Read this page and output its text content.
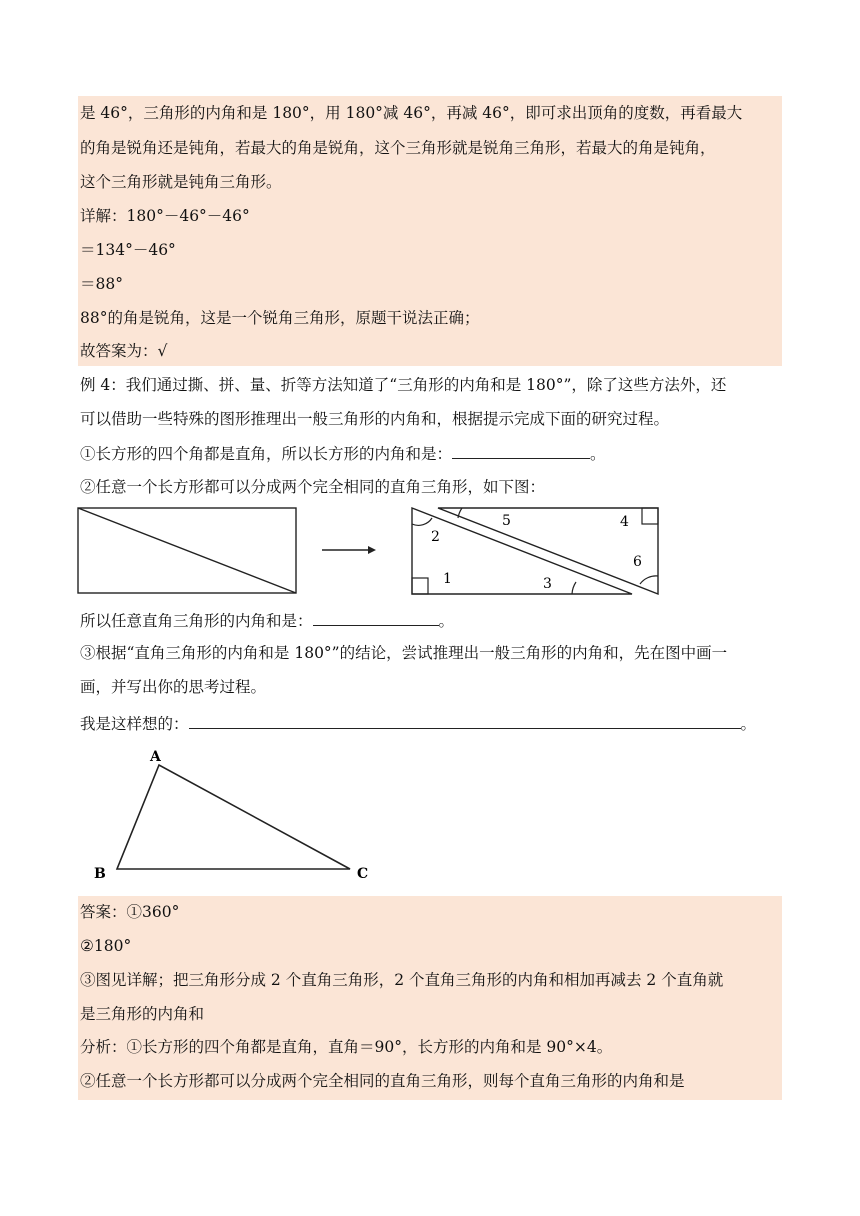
是 46°，三角形的内角和是 180°，用 180°减 46°，再减 46°，即可求出顶角的度数，再看最大
的角是锐角还是钝角，若最大的角是锐角，这个三角形就是锐角三角形，若最大的角是钝角，
这个三角形就是钝角三角形。
详解：180°－46°－46°
＝134°－46°
＝88°
88°的角是锐角，这是一个锐角三角形，原题干说法正确；
故答案为：√
例 4：我们通过撕、拼、量、折等方法知道了“三角形的内角和是 180°”，除了这些方法外，还
可以借助一些特殊的图形推理出一般三角形的内角和，根据提示完成下面的研究过程。
①长方形的四个角都是直角，所以长方形的内角和是：	。
②任意一个长方形都可以分成两个完全相同的直角三角形，如下图：
1
2
3
4
5
6
所以任意直角三角形的内角和是：	。
③根据“直角三角形的内角和是 180°”的结论，尝试推理出一般三角形的内角和，先在图中画一
画，并写出你的思考过程。
我是这样想的：	。
A
B	C
答案：①360°
②180°
③图见详解；把三角形分成 2 个直角三角形，2 个直角三角形的内角和相加再减去 2 个直角就
是三角形的内角和
分析：①长方形的四个角都是直角，直角＝90°，长方形的内角和是 90°×4。
②任意一个长方形都可以分成两个完全相同的直角三角形，则每个直角三角形的内角和是
